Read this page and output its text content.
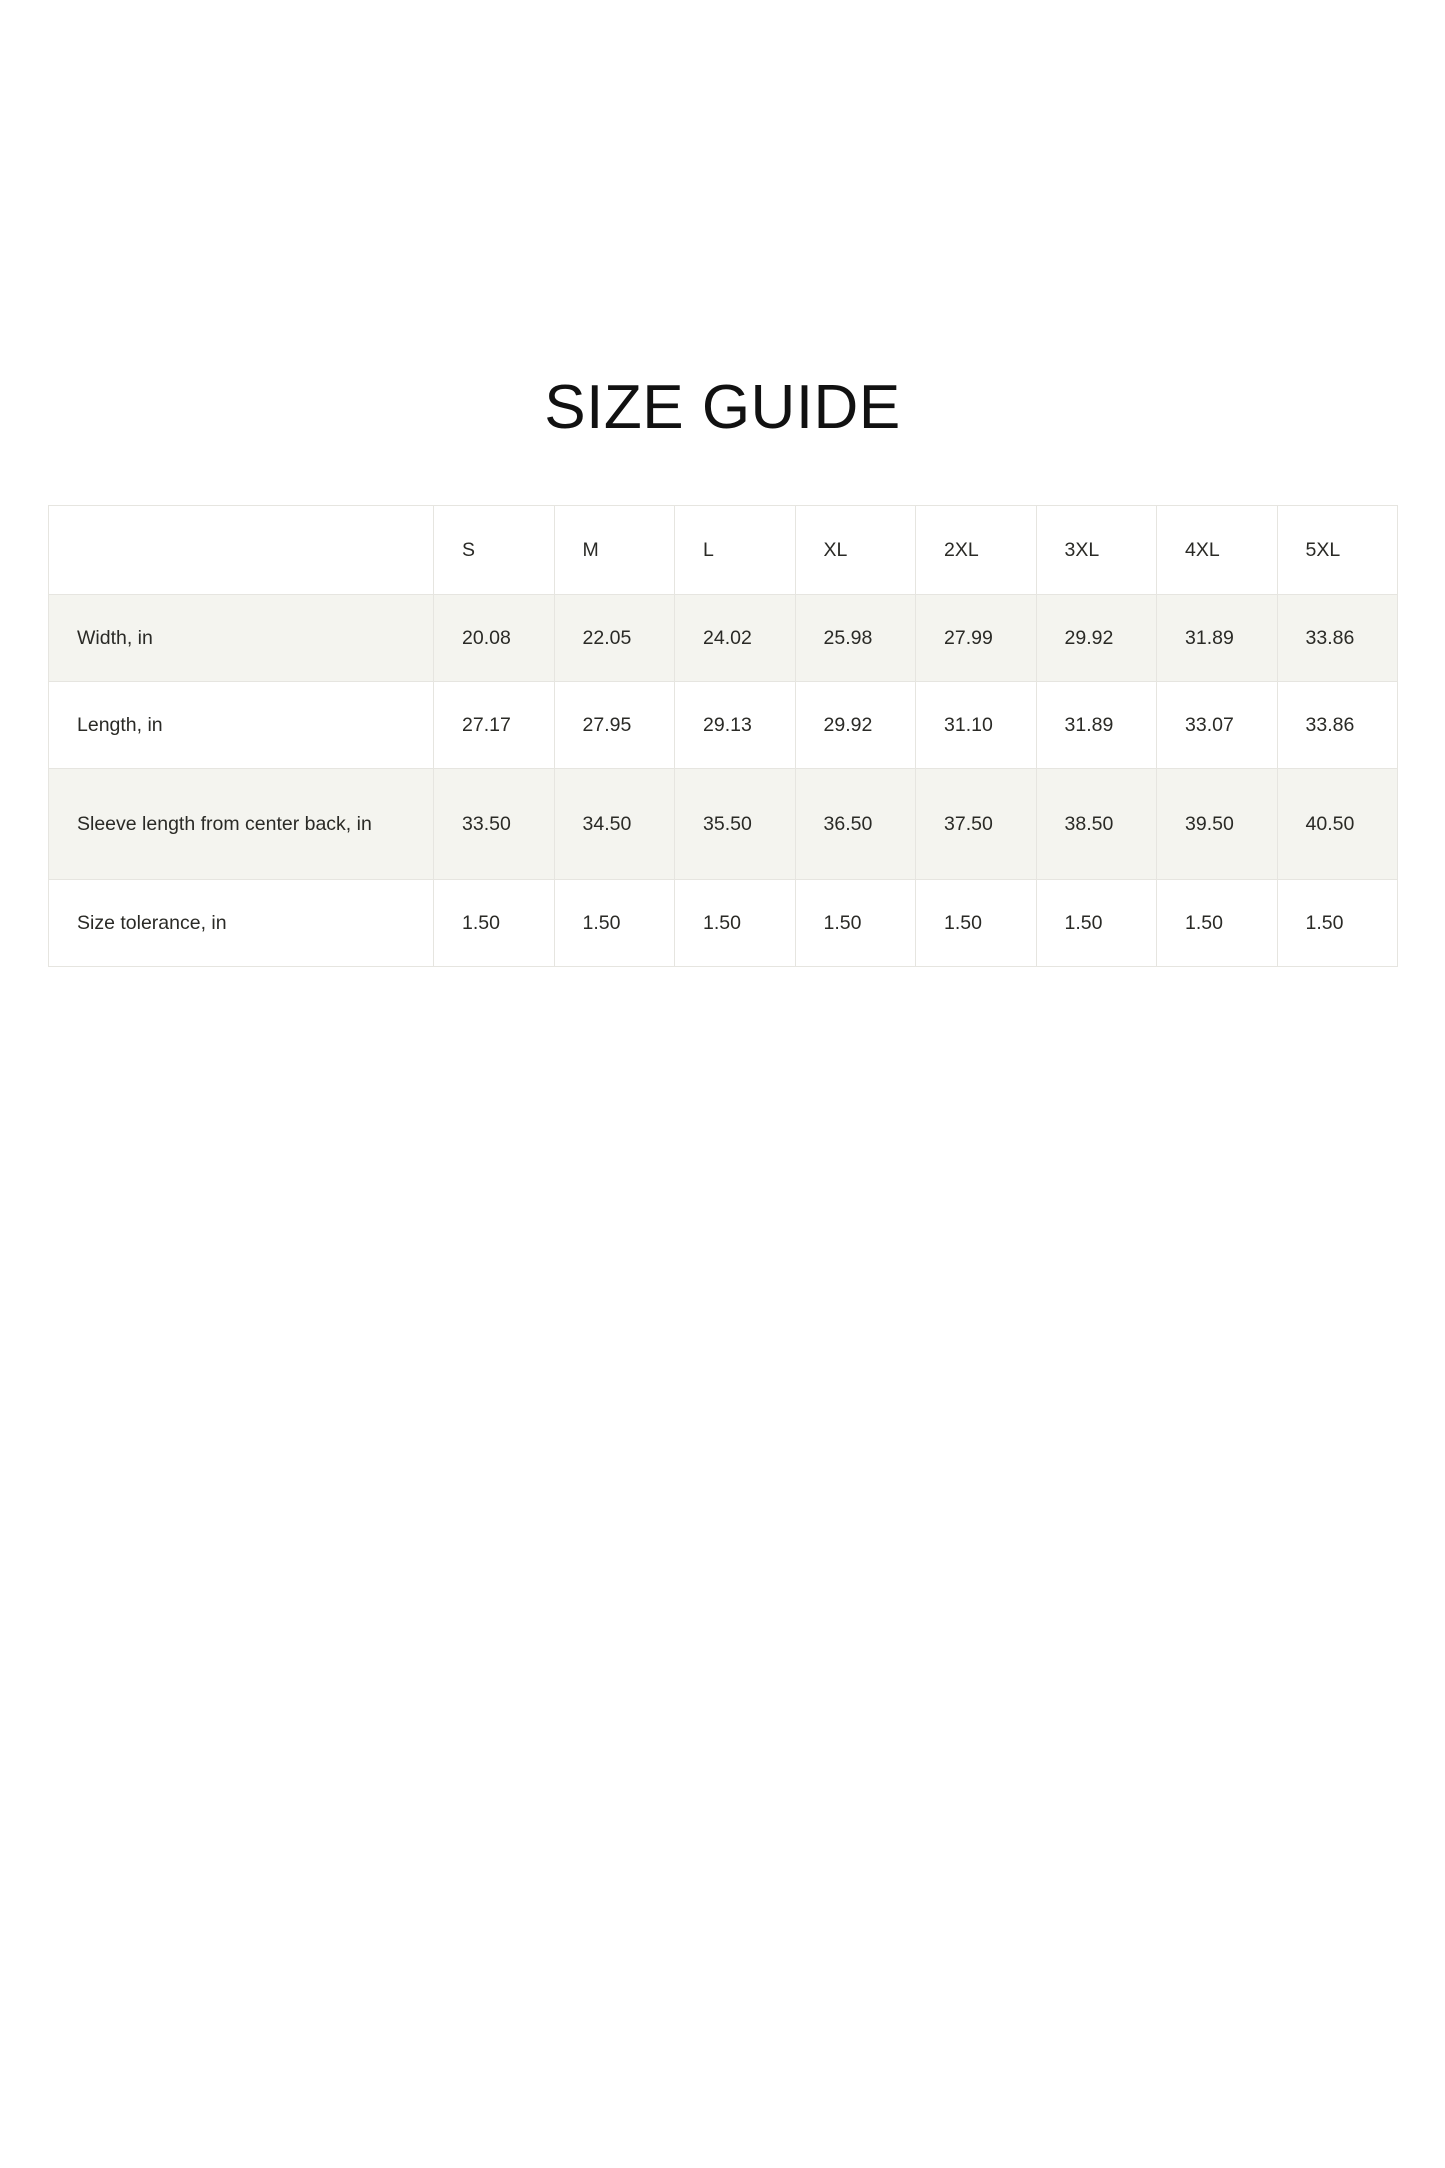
SIZE GUIDE
	S	M	L	XL	2XL	3XL	4XL	5XL

Width, in	20.08	22.05	24.02	25.98	27.99	29.92	31.89	33.86

Length, in	27.17	27.95	29.13	29.92	31.10	31.89	33.07	33.86

Sleeve length from center back, in	33.50	34.50	35.50	36.50	37.50	38.50	39.50	40.50

Size tolerance, in	1.50	1.50	1.50	1.50	1.50	1.50	1.50	1.50
